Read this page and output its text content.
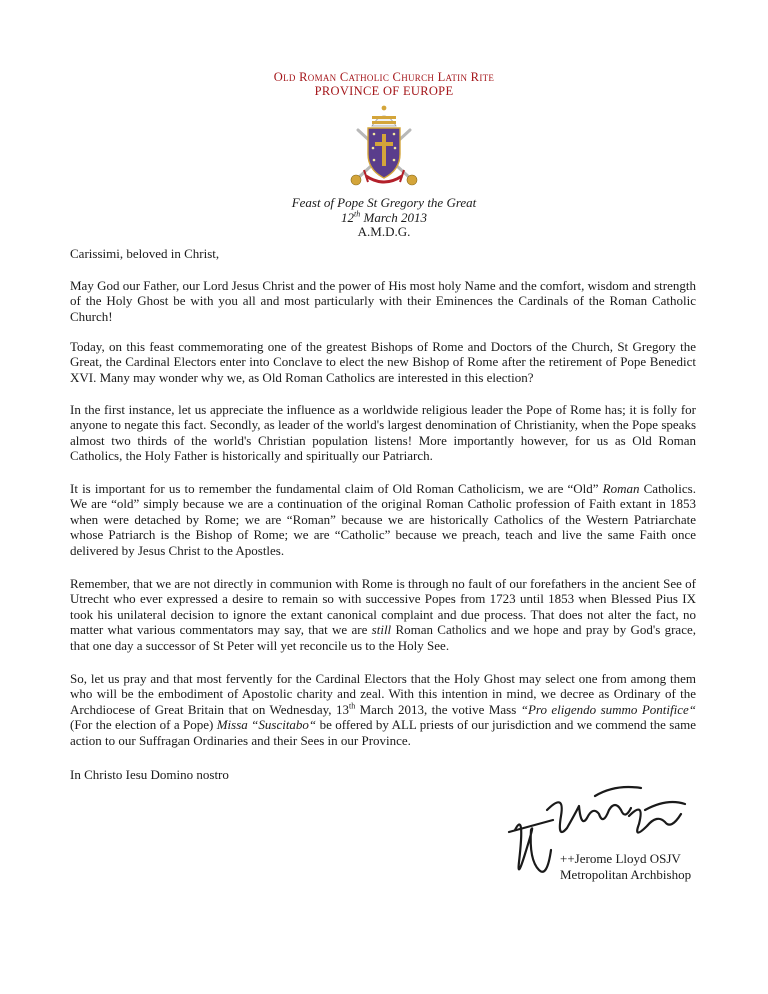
Old Roman Catholic Church Latin Rite
PROVINCE OF EUROPE
Feast of Pope St Gregory the Great
12th March 2013
A.M.D.G.
Carissimi, beloved in Christ,
May God our Father, our Lord Jesus Christ and the power of His most holy Name and the comfort, wisdom and strength of the Holy Ghost be with you all and most particularly with their Eminences the Cardinals of the Roman Catholic Church!
Today, on this feast commemorating one of the greatest Bishops of Rome and Doctors of the Church, St Gregory the Great, the Cardinal Electors enter into Conclave to elect the new Bishop of Rome after the retirement of Pope Benedict XVI. Many may wonder why we, as Old Roman Catholics are interested in this election?
In the first instance, let us appreciate the influence as a worldwide religious leader the Pope of Rome has; it is folly for anyone to negate this fact. Secondly, as leader of the world's largest denomination of Christianity, when the Pope speaks almost two thirds of the world's Christian population listens! More importantly however, for us as Old Roman Catholics, the Holy Father is historically and spiritually our Patriarch.
It is important for us to remember the fundamental claim of Old Roman Catholicism, we are “Old” Roman Catholics. We are “old” simply because we are a continuation of the original Roman Catholic profession of Faith extant in 1853 when were detached by Rome; we are “Roman” because we are historically Catholics of the Western Patriarchate whose Patriarch is the Bishop of Rome; we are “Catholic” because we preach, teach and live the same Faith once delivered by Jesus Christ to the Apostles.
Remember, that we are not directly in communion with Rome is through no fault of our forefathers in the ancient See of Utrecht who ever expressed a desire to remain so with successive Popes from 1723 until 1853 when Blessed Pius IX took his unilateral decision to ignore the extant canonical complaint and due process. That does not alter the fact, no matter what various commentators may say, that we are still Roman Catholics and we hope and pray by God's grace, that one day a successor of St Peter will yet reconcile us to the Holy See.
So, let us pray and that most fervently for the Cardinal Electors that the Holy Ghost may select one from among them who will be the embodiment of Apostolic charity and zeal. With this intention in mind, we decree as Ordinary of the Archdiocese of Great Britain that on Wednesday, 13th March 2013, the votive Mass “Pro eligendo summo Pontifice“ (For the election of a Pope) Missa “Suscitabo“ be offered by ALL priests of our jurisdiction and we commend the same action to our Suffragan Ordinaries and their Sees in our Province.
In Christo Iesu Domino nostro
++Jerome Lloyd OSJV
Metropolitan Archbishop
